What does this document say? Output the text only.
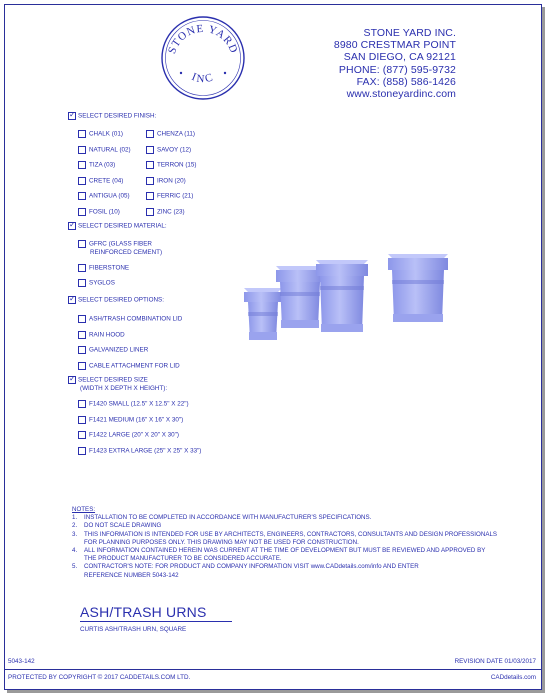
STONE YARD
INC
STONE YARD INC.
8980 CRESTMAR POINT
SAN DIEGO, CA 92121
PHONE: (877) 595-9732
FAX: (858) 586-1426
www.stoneyardinc.com
✓SELECT DESIRED FINISH:
CHALK (01)
NATURAL (02)
TIZA (03)
CRETE (04)
ANTIGUA (05)
FOSIL (10)
CHENZA (11)
SAVOY (12)
TERRON (15)
IRON (20)
FERRIC (21)
ZINC (23)
✓SELECT DESIRED MATERIAL:
GFRC (GLASS FIBER
REINFORCED CEMENT)
FIBERSTONE
SYGLOS
✓SELECT DESIRED OPTIONS:
ASH/TRASH COMBINATION LID
RAIN HOOD
GALVANIZED LINER
CABLE ATTACHMENT FOR LID
✓SELECT DESIRED SIZE
(WIDTH X DEPTH X HEIGHT):
F1420 SMALL (12.5" X 12.5" X 22")
F1421 MEDIUM (16" X 16" X 30")
F1422 LARGE (20" X 20" X 30")
F1423 EXTRA LARGE (25" X 25" X 33")
NOTES:
1. INSTALLATION TO BE COMPLETED IN ACCORDANCE WITH MANUFACTURER'S SPECIFICATIONS.
2. DO NOT SCALE DRAWING
3. THIS INFORMATION IS INTENDED FOR USE BY ARCHITECTS, ENGINEERS, CONTRACTORS, CONSULTANTS AND DESIGN PROFESSIONALS
FOR PLANNING PURPOSES ONLY. THIS DRAWING MAY NOT BE USED FOR CONSTRUCTION.
4. ALL INFORMATION CONTAINED HEREIN WAS CURRENT AT THE TIME OF DEVELOPMENT BUT MUST BE REVIEWED AND APPROVED BY
THE PRODUCT MANUFACTURER TO BE CONSIDERED ACCURATE.
5. CONTRACTOR'S NOTE: FOR PRODUCT AND COMPANY INFORMATION VISIT www.CADdetails.com/info AND ENTER
REFERENCE NUMBER 5043-142
ASH/TRASH URNS
CURTIS ASH/TRASH URN, SQUARE
5043-142	REVISION DATE 01/03/2017
PROTECTED BY COPYRIGHT © 2017 CADDETAILS.COM LTD.	CADdetails.com
